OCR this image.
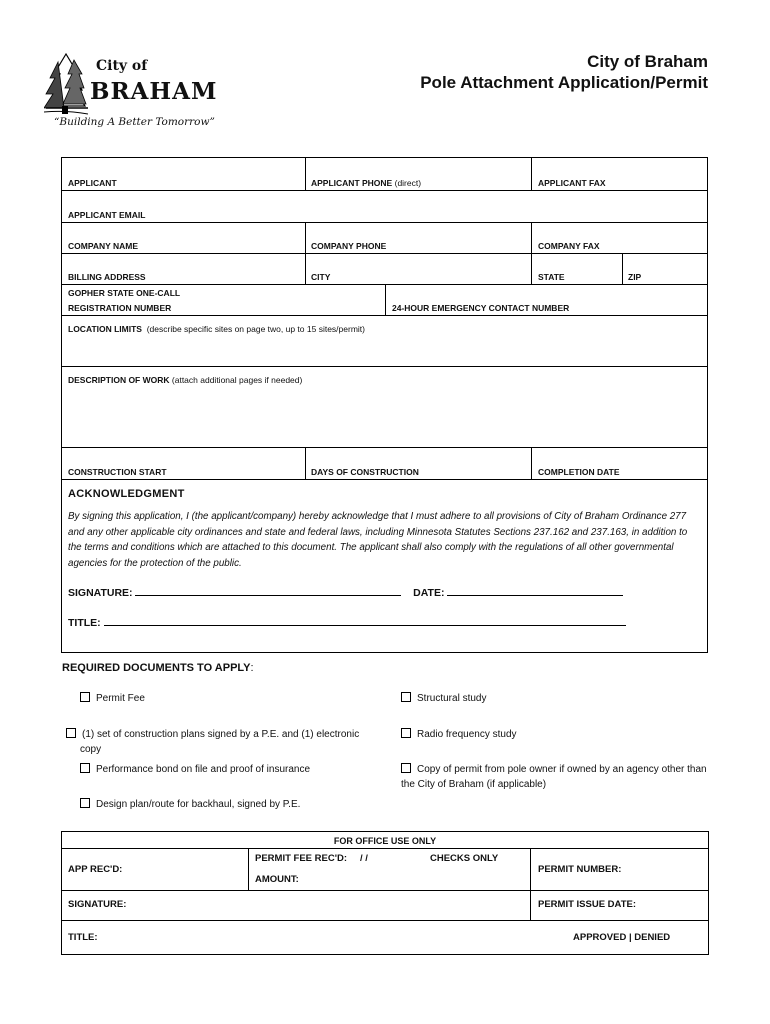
City of
BRAHAM
“Building A Better Tomorrow”
City of Braham
Pole Attachment Application/Permit
APPLICANT	APPLICANT PHONE (direct)	APPLICANT FAX
APPLICANT EMAIL
COMPANY NAME	COMPANY PHONE	COMPANY FAX
BILLING ADDRESS	CITY	STATE	ZIP
GOPHER STATE ONE-CALL
REGISTRATION NUMBER	24-HOUR EMERGENCY CONTACT NUMBER
LOCATION LIMITS (describe specific sites on page two, up to 15 sites/permit)
DESCRIPTION OF WORK (attach additional pages if needed)
CONSTRUCTION START	DAYS OF CONSTRUCTION	COMPLETION DATE
ACKNOWLEDGMENT
By signing this application, I (the applicant/company) hereby acknowledge that I must adhere to all provisions of City of Braham Ordinance 277 and any other applicable city ordinances and state and federal laws, including Minnesota Statutes Sections 237.162 and 237.163, in addition to the terms and conditions which are attached to this document. The applicant shall also comply with the regulations of all other governmental agencies for the protection of the public.
SIGNATURE:	DATE:
TITLE:
REQUIRED DOCUMENTS TO APPLY:
Permit Fee
(1) set of construction plans signed by a P.E. and (1) electronic copy
Performance bond on file and proof of insurance
Design plan/route for backhaul, signed by P.E.
Structural study
Radio frequency study
Copy of permit from pole owner if owned by an agency other than the City of Braham (if applicable)
FOR OFFICE USE ONLY
APP REC'D:
PERMIT FEE REC'D: / /	CHECKS ONLY
AMOUNT:
PERMIT NUMBER:
SIGNATURE:	PERMIT ISSUE DATE:
TITLE:	APPROVED | DENIED
